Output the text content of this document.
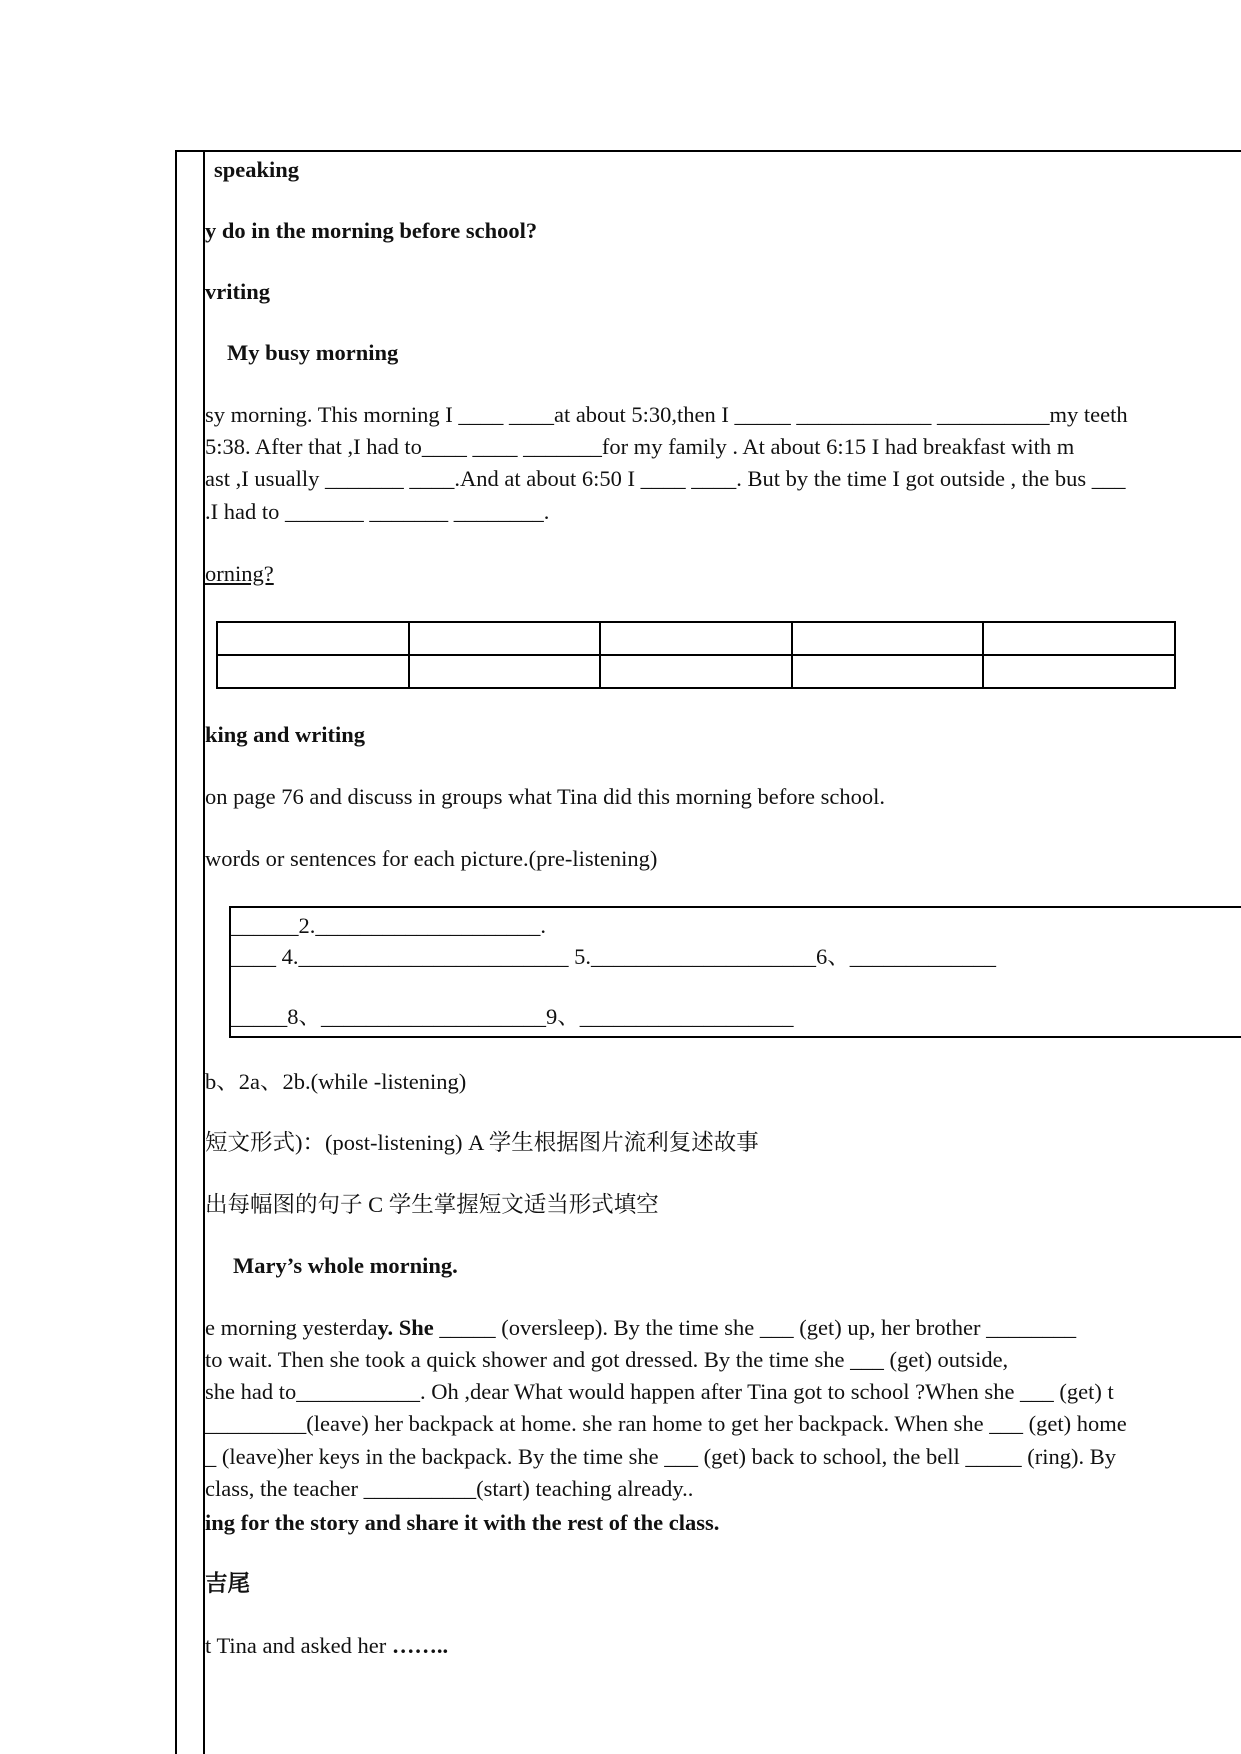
speaking
y do in the morning before school?
vriting
My busy morning
sy morning. This morning I ____ ____at about 5:30,then I _____ ____________ __________my teeth
5:38. After that ,I had to____ ____ _______for my family . At about 6:15 I had breakfast with m
ast ,I usually _______ ____.And at about 6:50 I ____ ____. But by the time I got outside , the bus ___
.I had to _______ _______ ________.
orning?

king and writing
on page 76 and discuss in groups what Tina did this morning before school.
words or sentences for each picture.(pre-listening)
______2.____________________.
____ 4.________________________ 5.____________________6、_____________
_____8、____________________9、___________________
b、2a、2b.(while -listening)
短文形式)：(post-listening) A 学生根据图片流利复述故事
出每幅图的句子 C 学生掌握短文适当形式填空
Mary’s whole morning.
e morning yesterday. She _____ (oversleep). By the time she ___ (get) up, her brother ________
to wait. Then she took a quick shower and got dressed. By the time she ___ (get) outside,
she had to___________. Oh ,dear What would happen after Tina got to school ?When she ___ (get) t
_________(leave) her backpack at home. she ran home to get her backpack. When she ___ (get) home
_ (leave)her keys in the backpack. By the time she ___ (get) back to school, the bell _____ (ring). By
class, the teacher __________(start) teaching already..
ing for the story and share it with the rest of the class.
吉尾
t Tina and asked her ……..
